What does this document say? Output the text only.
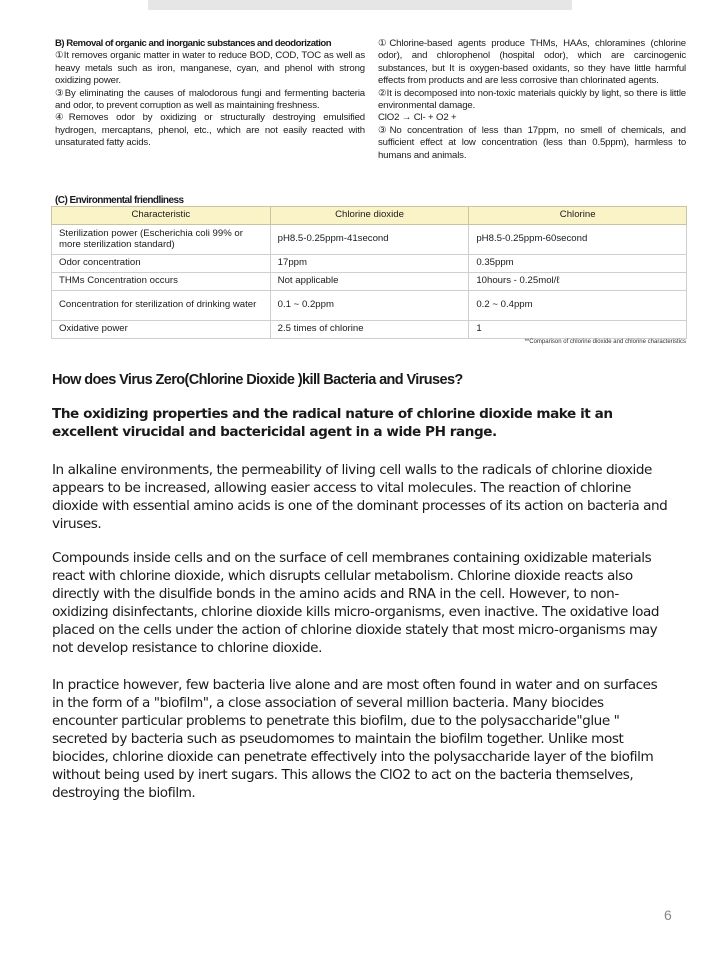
B) Removal of organic and inorganic substances and deodorization

①It removes organic matter in water to reduce BOD, COD, TOC as well as heavy metals such as iron, manganese, cyan, and phenol with strong oxidizing power.

③By eliminating the causes of malodorous fungi and fermenting bacteria and odor, to prevent corruption as well as maintaining freshness.

④Removes odor by oxidizing or structurally destroying emulsified hydrogen, mercaptans, phenol, etc., which are not easily reacted with unsaturated fatty acids.

①Chlorine-based agents produce THMs, HAAs, chloramines (chlorine odor), and chlorophenol (hospital odor), which are carcinogenic substances, but It is oxygen-based oxidants, so they have little harmful effects from products and are less corrosive than chlorinated agents.

②It is decomposed into non-toxic materials quickly by light, so there is little environmental damage.

ClO2 → Cl- + O2 +

③No concentration of less than 17ppm, no smell of chemicals, and sufficient effect at low concentration (less than 0.5ppm), harmless to humans and animals.

(C) Environmental friendliness
Characteristic	Chlorine dioxide	Chlorine
Sterilization power (Escherichia coli 99% or more sterilization standard)	pH8.5-0.25ppm-41second	pH8.5-0.25ppm-60second
Odor concentration	17ppm	0.35ppm
THMs Concentration occurs	Not applicable	10hours - 0.25mol/ℓ
Concentration for sterilization of drinking water	0.1 ~ 0.2ppm	0.2 ~ 0.4ppm
Oxidative power	2.5 times of chlorine	1
**Comparison of chlorine dioxide and chlorine characteristics
How does Virus Zero(Chlorine Dioxide )kill Bacteria and Viruses?
The oxidizing properties and the radical nature of chlorine dioxide make it an excellent virucidal and bactericidal agent in a wide PH range.
In alkaline environments, the permeability of living cell walls to the radicals of chlorine dioxide appears to be increased, allowing easier access to vital molecules. The reaction of chlorine dioxide with essential amino acids is one of the dominant processes of its action on bacteria and viruses.
Compounds inside cells and on the surface of cell membranes containing oxidizable materials react with chlorine dioxide, which disrupts cellular metabolism. Chlorine dioxide reacts also directly with the disulfide bonds in the amino acids and RNA in the cell. However, to non-oxidizing disinfectants, chlorine dioxide kills micro-organisms, even inactive. The oxidative load placed on the cells under the action of chlorine dioxide stately that most micro-organisms may not develop resistance to chlorine dioxide.
In practice however, few bacteria live alone and are most often found in water and on surfaces in the form of a "biofilm", a close association of several million bacteria. Many biocides encounter particular problems to penetrate this biofilm, due to the polysaccharide"glue " secreted by bacteria such as pseudomomes to maintain the biofilm together. Unlike most biocides, chlorine dioxide can penetrate effectively into the polysaccharide layer of the biofilm without being used by inert sugars. This allows the ClO2 to act on the bacteria themselves, destroying the biofilm.
6
